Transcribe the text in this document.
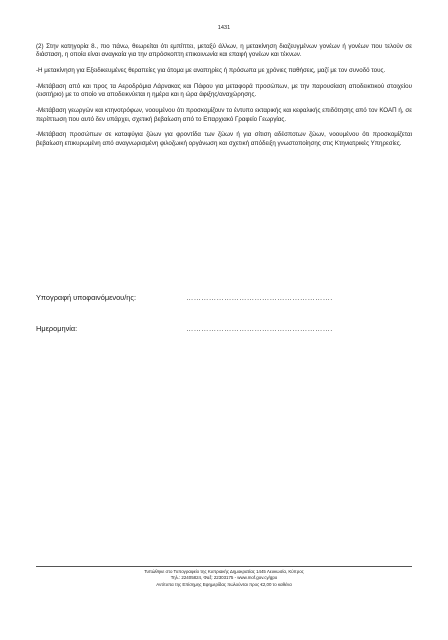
1431

(2) Στην κατηγορία 8., πιο πάνω, θεωρείται ότι εμπίπτει, μεταξύ άλλων, η μετακίνηση διαζευγμένων γονέων ή γονέων που τελούν σε διάσταση, η οποία είναι αναγκαία για την απρόσκοπτη επικοινωνία και επαφή γονέων και τέκνων.

-Η μετακίνηση για Εξειδικευμένες θεραπείες για άτομα με αναπηρίες ή πρόσωπα με χρόνιες παθήσεις, μαζί με τον συνοδό τους.

-Μετάβαση από και προς τα Αεροδρόμια Λάρνακας και Πάφου για μεταφορά προσώπων, με την παρουσίαση αποδεικτικού στοιχείου (εισιτήριο) με το οποίο να αποδεικνύεται η ημέρα και η ώρα άφιξης/αναχώρησης.

-Μετάβαση γεωργών και κτηνοτρόφων, νοουμένου ότι προσκομίζουν το έντυπο εκταρικής και κεφαλικής επιδότησης από τον ΚΟΑΠ ή, σε περίπτωση που αυτό δεν υπάρχει, σχετική βεβαίωση από το Επαρχιακό Γραφείο Γεωργίας.

-Μετάβαση προσώπων σε καταφύγια ζώων για φροντίδα των ζώων ή για σίτιση αδέσποτων ζώων, νοουμένου ότι προσκομίζεται βεβαίωση επικυρωμένη από αναγνωρισμένη φιλοζωική οργάνωση και σχετική απόδειξη γνωστοποίησης στις Κτηνιατρικές Υπηρεσίες.

Υπογραφή υποφαινόμενου/ης:	………………………………………………….
Ημερομηνία:	………………………………………………….
Τυπώθηκε στο Τυπογραφείο της Κυπριακής Δημοκρατίας 1445 Λευκωσία, Κύπρος
Τηλ.: 22405824, Φαξ: 22303175 - www.mof.gov.cy/gpo
Αντίτυπα της Επίσημης Εφημερίδας πωλούνται προς €2,00 το καθένα
